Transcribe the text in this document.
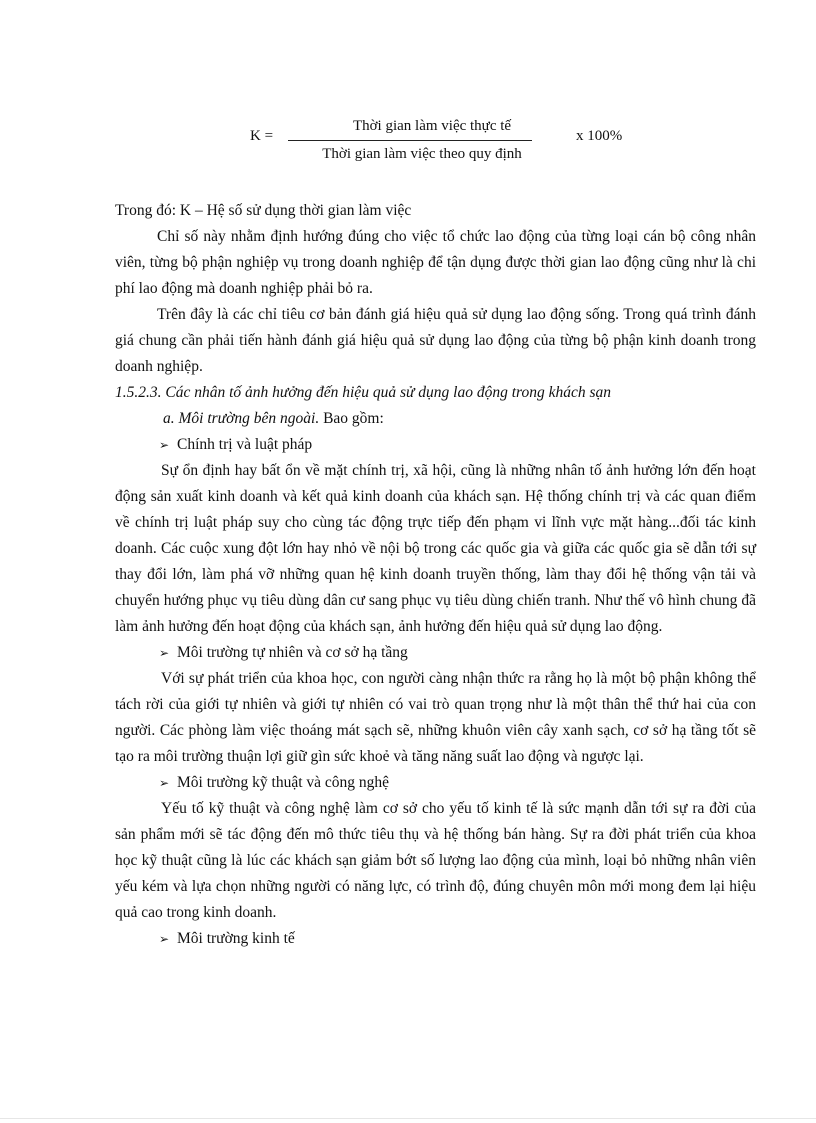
K =
Thời gian làm việc thực tế
Thời gian làm việc theo quy định
x 100%

Trong đó: K – Hệ số sử dụng thời gian làm việc

Chỉ số này nhằm định hướng đúng cho việc tổ chức lao động của từng loại cán bộ công nhân viên, từng bộ phận nghiệp vụ trong doanh nghiệp để tận dụng được thời gian lao động cũng như là chi phí lao động mà doanh nghiệp phải bỏ ra.

Trên đây là các chỉ tiêu cơ bản đánh giá hiệu quả sử dụng lao động sống. Trong quá trình đánh giá chung cần phải tiến hành đánh giá hiệu quả sử dụng lao động của từng bộ phận kinh doanh trong doanh nghiệp.

1.5.2.3. Các nhân tố ảnh hưởng đến hiệu quả sử dụng lao động trong khách sạn

a. Môi trường bên ngoài. Bao gồm:

➢ Chính trị và luật pháp

Sự ổn định hay bất ổn về mặt chính trị, xã hội, cũng là những nhân tố ảnh hưởng lớn đến hoạt động sản xuất kinh doanh và kết quả kinh doanh của khách sạn. Hệ thống chính trị và các quan điểm về chính trị luật pháp suy cho cùng tác động trực tiếp đến phạm vi lĩnh vực mặt hàng...đối tác kinh doanh. Các cuộc xung đột lớn hay nhỏ về nội bộ trong các quốc gia và giữa các quốc gia sẽ dẫn tới sự thay đổi lớn, làm phá vỡ những quan hệ kinh doanh truyền thống, làm thay đổi hệ thống vận tải và chuyển hướng phục vụ tiêu dùng dân cư sang phục vụ tiêu dùng chiến tranh. Như thế vô hình chung đã làm ảnh hưởng đến hoạt động của khách sạn, ảnh hưởng đến hiệu quả sử dụng lao động.

➢ Môi trường tự nhiên và cơ sở hạ tầng

Với sự phát triển của khoa học, con người càng nhận thức ra rằng họ là một bộ phận không thể tách rời của giới tự nhiên và giới tự nhiên có vai trò quan trọng như là một thân thể thứ hai của con người. Các phòng làm việc thoáng mát sạch sẽ, những khuôn viên cây xanh sạch, cơ sở hạ tầng tốt sẽ tạo ra môi trường thuận lợi giữ gìn sức khoẻ và tăng năng suất lao động và ngược lại.

➢ Môi trường kỹ thuật và công nghệ

Yếu tố kỹ thuật và công nghệ làm cơ sở cho yếu tố kinh tế là sức mạnh dẫn tới sự ra đời của sản phẩm mới sẽ tác động đến mô thức tiêu thụ và hệ thống bán hàng. Sự ra đời phát triển của khoa học kỹ thuật cũng là lúc các khách sạn giảm bớt số lượng lao động của mình, loại bỏ những nhân viên yếu kém và lựa chọn những người có năng lực, có trình độ, đúng chuyên môn mới mong đem lại hiệu quả cao trong kinh doanh.

➢ Môi trường kinh tế
